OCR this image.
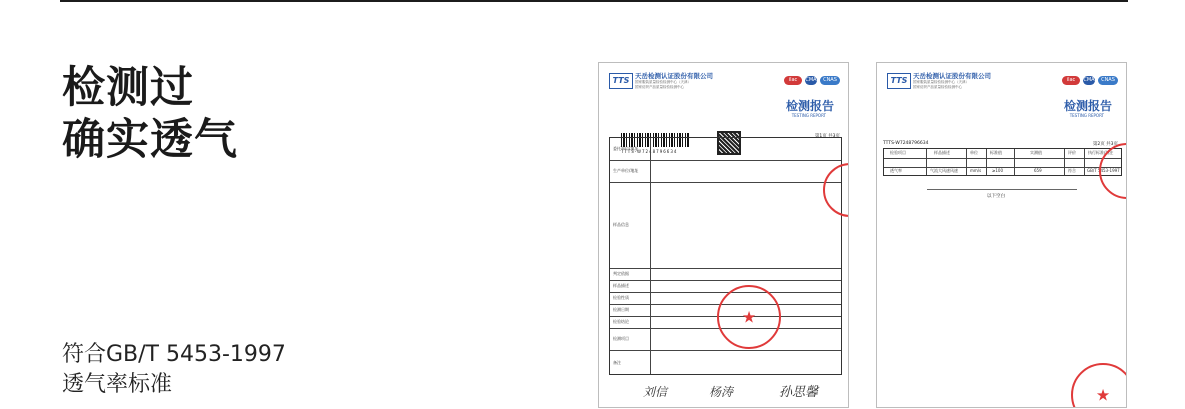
检测过
确实透气
符合GB/T 5453-1997
透气率标准
TTS 天岳检测认证股份有限公司
国家服装质量检验检测中心（天津）
国家纺织产品质量检验检测中心
ilac	CMA	CNAS
检测报告
TESTING REPORT
TTTS-W7248796634
第1页 共3页
委托单位/地址
生产单位/地址
样品信息
判定依据
样品描述
检验性质
检测日期
检验结论
检测项目
备注
★
刘信	杨涛	孙思馨
TTS 天岳检测认证股份有限公司
国家服装质量检验检测中心（天津）
国家纺织产品质量检验检测中心
ilac	CMA	CNAS
检测报告
TESTING REPORT
TTTS-W7248796634	第2页 共3页
检验项目	样品描述	单位	标准值	实测值	评价	执行标准/备注
透气率	气流大风速风速	mm/s	≥100	659	符合	GB/T 5453-1997
以下空白
★
